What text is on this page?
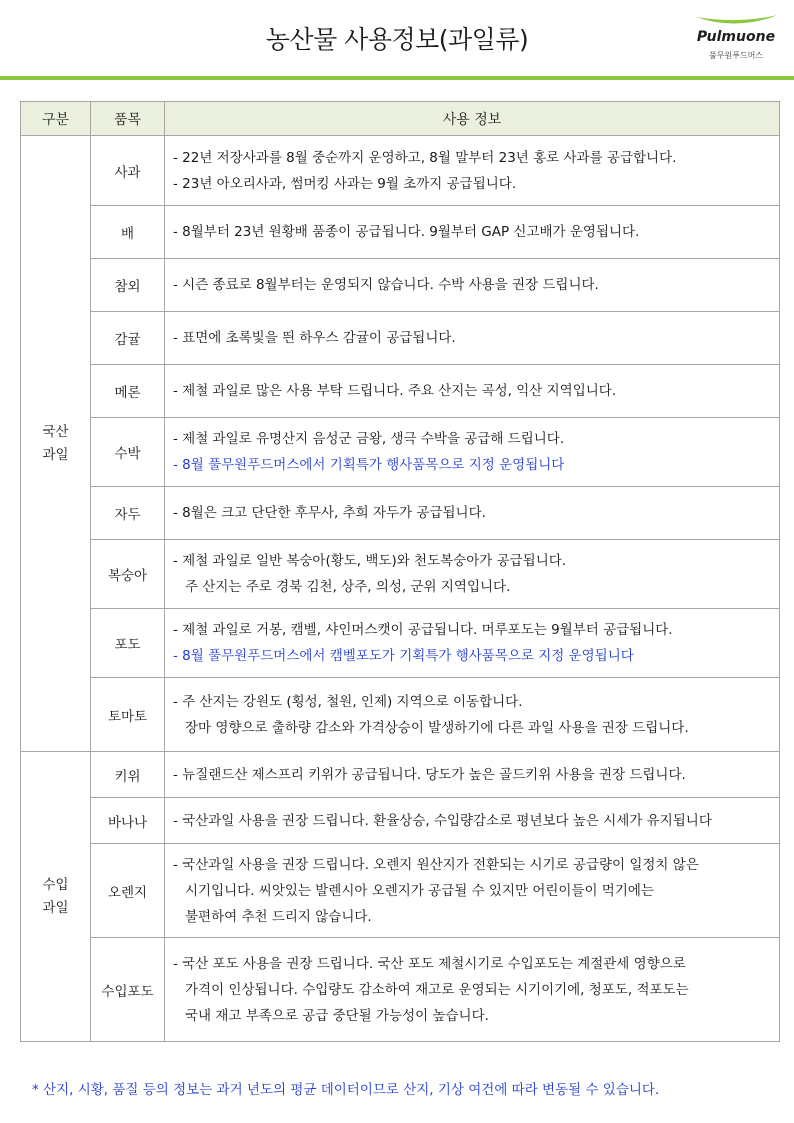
농산물 사용정보(과일류)	Pulmuone
풀무원푸드머스
구분	품목	사용 정보

국산
과일	사과	- 22년 저장사과를 8월 중순까지 운영하고, 8월 말부터 23년 홍로 사과를 공급합니다.
- 23년 아오리사과, 썸머킹 사과는 9월 초까지 공급됩니다.

	배	- 8월부터 23년 원황배 품종이 공급됩니다. 9월부터 GAP 신고배가 운영됩니다.

	참외	- 시즌 종료로 8월부터는 운영되지 않습니다. 수박 사용을 권장 드립니다.

	감귤	- 표면에 초록빛을 띈 하우스 감귤이 공급됩니다.

	메론	- 제철 과일로 많은 사용 부탁 드립니다. 주요 산지는 곡성, 익산 지역입니다.

	수박	- 제철 과일로 유명산지 음성군 금왕, 생극 수박을 공급해 드립니다.
- 8월 풀무원푸드머스에서 기획특가 행사품목으로 지정 운영됩니다

	자두	- 8월은 크고 단단한 후무사, 추희 자두가 공급됩니다.

	복숭아	- 제철 과일로 일반 복숭아(황도, 백도)와 천도복숭아가 공급됩니다.
주 산지는 주로 경북 김천, 상주, 의성, 군위 지역입니다.

	포도	- 제철 과일로 거봉, 캠벨, 샤인머스캣이 공급됩니다. 머루포도는 9월부터 공급됩니다.
- 8월 풀무원푸드머스에서 캠벨포도가 기획특가 행사품목으로 지정 운영됩니다

	토마토	- 주 산지는 강원도 (횡성, 철원, 인제) 지역으로 이동합니다.
장마 영향으로 출하량 감소와 가격상승이 발생하기에 다른 과일 사용을 권장 드립니다.

수입
과일	키위	- 뉴질랜드산 제스프리 키위가 공급됩니다. 당도가 높은 골드키위 사용을 권장 드립니다.

	바나나	- 국산과일 사용을 권장 드립니다. 환율상승, 수입량감소로 평년보다 높은 시세가 유지됩니다

	오렌지	- 국산과일 사용을 권장 드립니다. 오렌지 원산지가 전환되는 시기로 공급량이 일정치 않은
시기입니다. 씨앗있는 발렌시아 오렌지가 공급될 수 있지만 어린이들이 먹기에는
불편하여 추천 드리지 않습니다.

	수입포도	- 국산 포도 사용을 권장 드립니다. 국산 포도 제철시기로 수입포도는 계절관세 영향으로
가격이 인상됩니다. 수입량도 감소하여 재고로 운영되는 시기이기에, 청포도, 적포도는
국내 재고 부족으로 공급 중단될 가능성이 높습니다.
* 산지, 시황, 품질 등의 정보는 과거 년도의 평균 데이터이므로 산지, 기상 여건에 따라 변동될 수 있습니다.
